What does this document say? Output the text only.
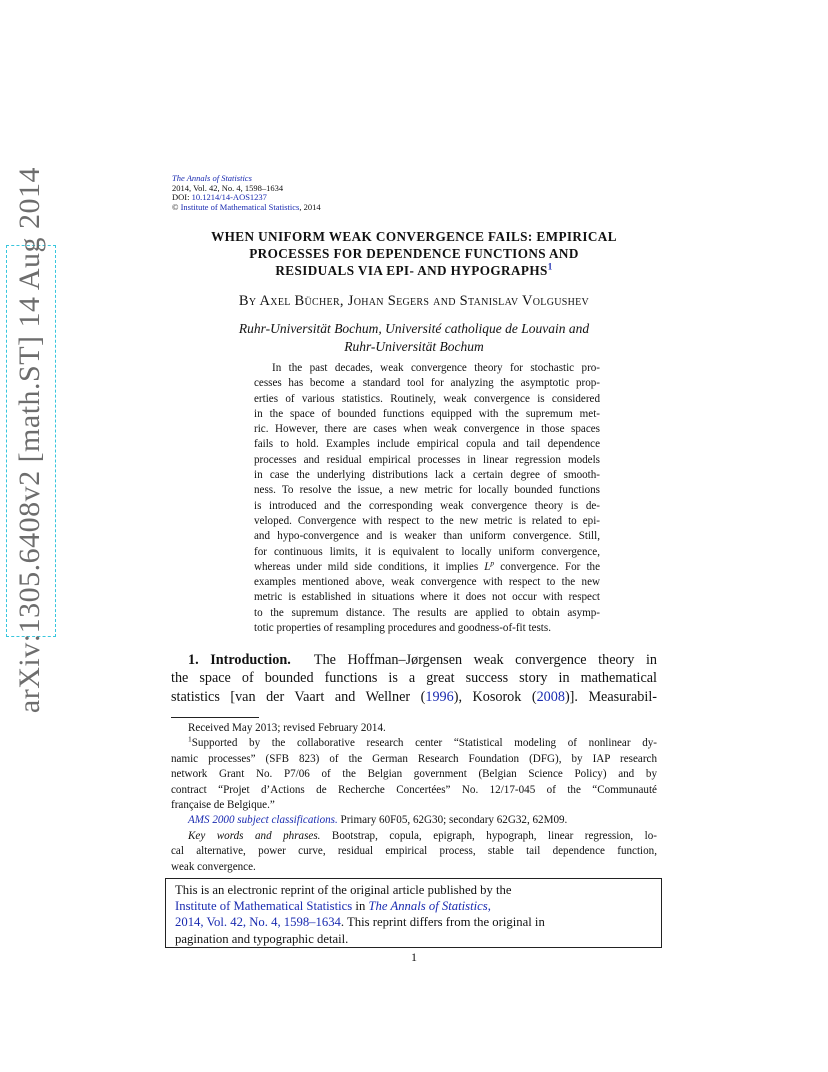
arXiv:1305.6408v2 [math.ST] 14 Aug 2014	The Annals of Statistics
2014, Vol. 42, No. 4, 1598–1634
DOI: 10.1214/14-AOS1237
© Institute of Mathematical Statistics, 2014
WHEN UNIFORM WEAK CONVERGENCE FAILS: EMPIRICAL
PROCESSES FOR DEPENDENCE FUNCTIONS AND
RESIDUALS VIA EPI- AND HYPOGRAPHS$^1$
By Axel Bücher, Johan Segers and Stanislav Volgushev
Ruhr-Universität Bochum, Université catholique de Louvain and
Ruhr-Universität Bochum
In the past decades, weak convergence theory for stochastic pro-
cesses has become a standard tool for analyzing the asymptotic prop-
erties of various statistics. Routinely, weak convergence is considered
in the space of bounded functions equipped with the supremum met-
ric. However, there are cases when weak convergence in those spaces
fails to hold. Examples include empirical copula and tail dependence
processes and residual empirical processes in linear regression models
in case the underlying distributions lack a certain degree of smooth-
ness. To resolve the issue, a new metric for locally bounded functions
is introduced and the corresponding weak convergence theory is de-
veloped. Convergence with respect to the new metric is related to epi-
and hypo-convergence and is weaker than uniform convergence. Still,
for continuous limits, it is equivalent to locally uniform convergence,
whereas under mild side conditions, it implies $L^p$ convergence. For the
examples mentioned above, weak convergence with respect to the new
metric is established in situations where it does not occur with respect
to the supremum distance. The results are applied to obtain asymp-
totic properties of resampling procedures and goodness-of-fit tests.
1. Introduction. The Hoffman–Jørgensen weak convergence theory in
the space of bounded functions is a great success story in mathematical
statistics [van der Vaart and Wellner (1996), Kosorok (2008)]. Measurabil-
Received May 2013; revised February 2014.
$^1$Supported by the collaborative research center “Statistical modeling of nonlinear dy-
namic processes” (SFB 823) of the German Research Foundation (DFG), by IAP research
network Grant No. P7/06 of the Belgian government (Belgian Science Policy) and by
contract “Projet d’Actions de Recherche Concertées” No. 12/17-045 of the “Communauté
française de Belgique.”
AMS 2000 subject classifications. Primary 60F05, 62G30; secondary 62G32, 62M09.
Key words and phrases. Bootstrap, copula, epigraph, hypograph, linear regression, lo-
cal alternative, power curve, residual empirical process, stable tail dependence function,
weak convergence.
This is an electronic reprint of the original article published by the
Institute of Mathematical Statistics in The Annals of Statistics,
2014, Vol. 42, No. 4, 1598–1634. This reprint differs from the original in
pagination and typographic detail.
1
